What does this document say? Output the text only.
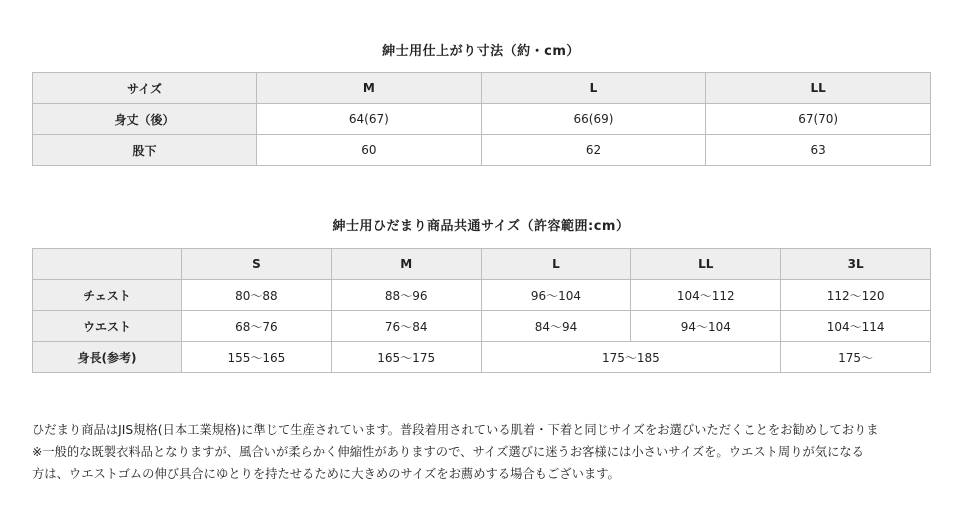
紳士用仕上がり寸法（約・cm）
サイズ	M	L	LL
身丈（後）	64(67)	66(69)	67(70)
股下	60	62	63
紳士用ひだまり商品共通サイズ（許容範囲:cm）
	S	M	L	LL	3L
チェスト	80～88	88～96	96～104	104～112	112～120
ウエスト	68～76	76～84	84～94	94～104	104～114
身長(参考)	155～165	165～175	175～185		175～

ひだまり商品はJIS規格(日本工業規格)に準じて生産されています。普段着用されている肌着・下着と同じサイズをお選びいただくことをお勧めしておりま

※一般的な既製衣料品となりますが、風合いが柔らかく伸縮性がありますので、サイズ選びに迷うお客様には小さいサイズを。ウエスト周りが気になる

方は、ウエストゴムの伸び具合にゆとりを持たせるために大きめのサイズをお薦めする場合もございます。
